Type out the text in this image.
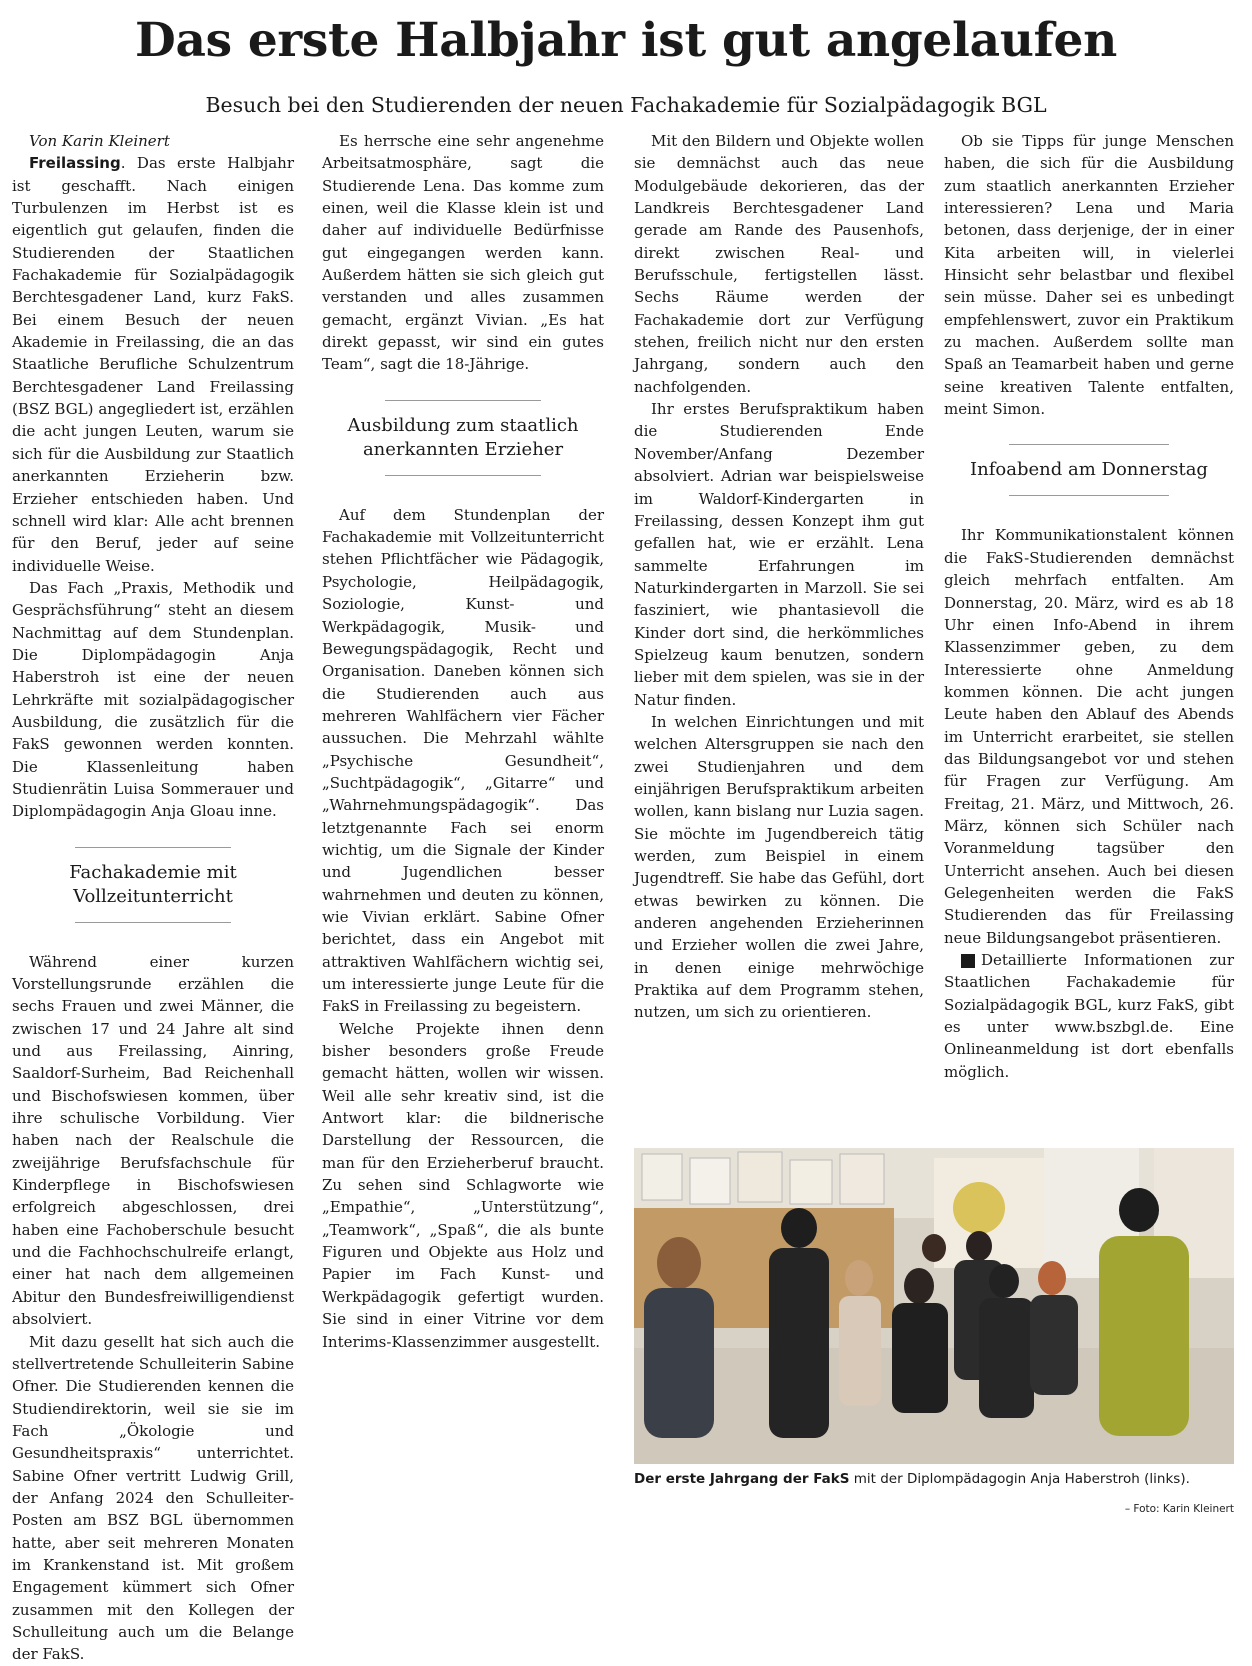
Das erste Halbjahr ist gut angelaufen
Besuch bei den Studierenden der neuen Fachakademie für Sozialpädagogik BGL

Von Karin Kleinert

Freilassing. Das erste Halbjahr ist geschafft. Nach einigen Turbulenzen im Herbst ist es eigentlich gut gelaufen, finden die Studierenden der Staatlichen Fachakademie für Sozialpädagogik Berchtesgadener Land, kurz FakS. Bei einem Besuch der neuen Akademie in Freilassing, die an das Staatliche Berufliche Schulzentrum Berchtesgadener Land Freilassing (BSZ BGL) angegliedert ist, erzählen die acht jungen Leuten, warum sie sich für die Ausbildung zur Staatlich anerkannten Erzieherin bzw. Erzieher entschieden haben. Und schnell wird klar: Alle acht brennen für den Beruf, jeder auf seine individuelle Weise.

Das Fach „Praxis, Methodik und Gesprächsführung“ steht an diesem Nachmittag auf dem Stundenplan. Die Diplompädagogin Anja Haberstroh ist eine der neuen Lehrkräfte mit sozialpädagogischer Ausbildung, die zusätzlich für die FakS gewonnen werden konnten. Die Klassenleitung haben Studienrätin Luisa Sommerauer und Diplompädagogin Anja Gloau inne.

Fachakademie mit Vollzeitunterricht

Während einer kurzen Vorstellungsrunde erzählen die sechs Frauen und zwei Männer, die zwischen 17 und 24 Jahre alt sind und aus Freilassing, Ainring, Saaldorf-Surheim, Bad Reichenhall und Bischofswiesen kommen, über ihre schulische Vorbildung. Vier haben nach der Realschule die zweijährige Berufsfachschule für Kinderpflege in Bischofswiesen erfolgreich abgeschlossen, drei haben eine Fachoberschule besucht und die Fachhochschulreife erlangt, einer hat nach dem allgemeinen Abitur den Bundesfreiwilligendienst absolviert.

Mit dazu gesellt hat sich auch die stellvertretende Schulleiterin Sabine Ofner. Die Studierenden kennen die Studiendirektorin, weil sie sie im Fach „Ökologie und Gesundheitspraxis“ unterrichtet. Sabine Ofner vertritt Ludwig Grill, der Anfang 2024 den Schulleiter-Posten am BSZ BGL übernommen hatte, aber seit mehreren Monaten im Krankenstand ist. Mit großem Engagement kümmert sich Ofner zusammen mit den Kollegen der Schulleitung auch um die Belange der FakS.

Es herrsche eine sehr angenehme Arbeitsatmosphäre, sagt die Studierende Lena. Das komme zum einen, weil die Klasse klein ist und daher auf individuelle Bedürfnisse gut eingegangen werden kann. Außerdem hätten sie sich gleich gut verstanden und alles zusammen gemacht, ergänzt Vivian. „Es hat direkt gepasst, wir sind ein gutes Team“, sagt die 18-Jährige.

Ausbildung zum staatlich anerkannten Erzieher

Auf dem Stundenplan der Fachakademie mit Vollzeitunterricht stehen Pflichtfächer wie Pädagogik, Psychologie, Heilpädagogik, Soziologie, Kunst- und Werkpädagogik, Musik- und Bewegungspädagogik, Recht und Organisation. Daneben können sich die Studierenden auch aus mehreren Wahlfächern vier Fächer aussuchen. Die Mehrzahl wählte „Psychische Gesundheit“, „Suchtpädagogik“, „Gitarre“ und „Wahrnehmungspädagogik“. Das letztgenannte Fach sei enorm wichtig, um die Signale der Kinder und Jugendlichen besser wahrnehmen und deuten zu können, wie Vivian erklärt. Sabine Ofner berichtet, dass ein Angebot mit attraktiven Wahlfächern wichtig sei, um interessierte junge Leute für die FakS in Freilassing zu begeistern.

Welche Projekte ihnen denn bisher besonders große Freude gemacht hätten, wollen wir wissen. Weil alle sehr kreativ sind, ist die Antwort klar: die bildnerische Darstellung der Ressourcen, die man für den Erzieherberuf braucht. Zu sehen sind Schlagworte wie „Empathie“, „Unterstützung“, „Teamwork“, „Spaß“, die als bunte Figuren und Objekte aus Holz und Papier im Fach Kunst- und Werkpädagogik gefertigt wurden. Sie sind in einer Vitrine vor dem Interims-Klassenzimmer ausgestellt.

Mit den Bildern und Objekte wollen sie demnächst auch das neue Modulgebäude dekorieren, das der Landkreis Berchtesgadener Land gerade am Rande des Pausenhofs, direkt zwischen Real- und Berufsschule, fertigstellen lässt. Sechs Räume werden der Fachakademie dort zur Verfügung stehen, freilich nicht nur den ersten Jahrgang, sondern auch den nachfolgenden.

Ihr erstes Berufspraktikum haben die Studierenden Ende November/Anfang Dezember absolviert. Adrian war beispielsweise im Waldorf-Kindergarten in Freilassing, dessen Konzept ihm gut gefallen hat, wie er erzählt. Lena sammelte Erfahrungen im Naturkindergarten in Marzoll. Sie sei fasziniert, wie phantasievoll die Kinder dort sind, die herkömmliches Spielzeug kaum benutzen, sondern lieber mit dem spielen, was sie in der Natur finden.

In welchen Einrichtungen und mit welchen Altersgruppen sie nach den zwei Studienjahren und dem einjährigen Berufspraktikum arbeiten wollen, kann bislang nur Luzia sagen. Sie möchte im Jugendbereich tätig werden, zum Beispiel in einem Jugendtreff. Sie habe das Gefühl, dort etwas bewirken zu können. Die anderen angehenden Erzieherinnen und Erzieher wollen die zwei Jahre, in denen einige mehrwöchige Praktika auf dem Programm stehen, nutzen, um sich zu orientieren.

Ob sie Tipps für junge Menschen haben, die sich für die Ausbildung zum staatlich anerkannten Erzieher interessieren? Lena und Maria betonen, dass derjenige, der in einer Kita arbeiten will, in vielerlei Hinsicht sehr belastbar und flexibel sein müsse. Daher sei es unbedingt empfehlenswert, zuvor ein Praktikum zu machen. Außerdem sollte man Spaß an Teamarbeit haben und gerne seine kreativen Talente entfalten, meint Simon.

Infoabend am Donnerstag

Ihr Kommunikationstalent können die FakS-Studierenden demnächst gleich mehrfach entfalten. Am Donnerstag, 20. März, wird es ab 18 Uhr einen Info-Abend in ihrem Klassenzimmer geben, zu dem Interessierte ohne Anmeldung kommen können. Die acht jungen Leute haben den Ablauf des Abends im Unterricht erarbeitet, sie stellen das Bildungsangebot vor und stehen für Fragen zur Verfügung. Am Freitag, 21. März, und Mittwoch, 26. März, können sich Schüler nach Voranmeldung tagsüber den Unterricht ansehen. Auch bei diesen Gelegenheiten werden die FakS Studierenden das für Freilassing neue Bildungsangebot präsentieren.

iDetaillierte Informationen zur Staatlichen Fachakademie für Sozialpädagogik BGL, kurz FakS, gibt es unter www.bszbgl.de. Eine Onlineanmeldung ist dort ebenfalls möglich.

Der erste Jahrgang der FakS mit der Diplompädagogin Anja Haberstroh (links).
– Foto: Karin Kleinert
